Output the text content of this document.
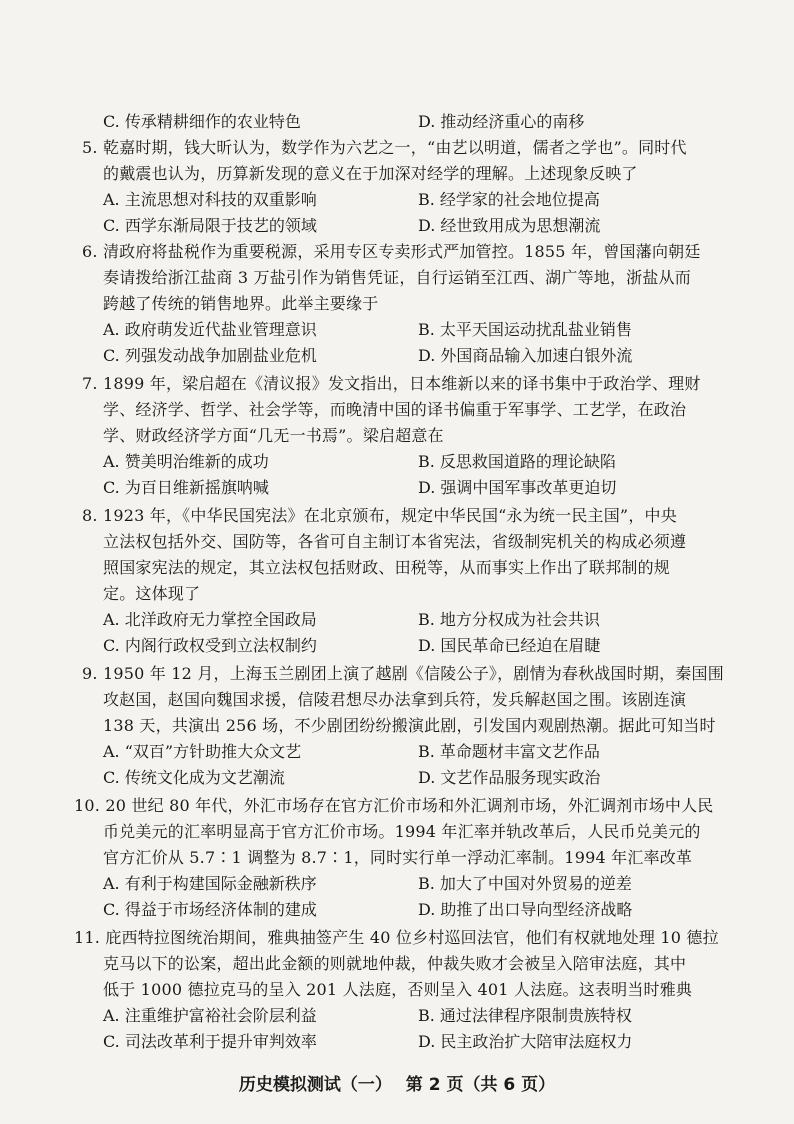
C. 传承精耕细作的农业特色	D. 推动经济重心的南移
5. 乾嘉时期，钱大昕认为，数学作为六艺之一，“由艺以明道，儒者之学也”。同时代
的戴震也认为，历算新发现的意义在于加深对经学的理解。上述现象反映了
A. 主流思想对科技的双重影响	B. 经学家的社会地位提高
C. 西学东渐局限于技艺的领域	D. 经世致用成为思想潮流
6. 清政府将盐税作为重要税源，采用专区专卖形式严加管控。1855 年，曾国藩向朝廷
奏请拨给浙江盐商 3 万盐引作为销售凭证，自行运销至江西、湖广等地，浙盐从而
跨越了传统的销售地界。此举主要缘于
A. 政府萌发近代盐业管理意识	B. 太平天国运动扰乱盐业销售
C. 列强发动战争加剧盐业危机	D. 外国商品输入加速白银外流
7. 1899 年，梁启超在《清议报》发文指出，日本维新以来的译书集中于政治学、理财
学、经济学、哲学、社会学等，而晚清中国的译书偏重于军事学、工艺学，在政治
学、财政经济学方面“几无一书焉”。梁启超意在
A. 赞美明治维新的成功	B. 反思救国道路的理论缺陷
C. 为百日维新摇旗呐喊	D. 强调中国军事改革更迫切
8. 1923 年，《中华民国宪法》在北京颁布，规定中华民国“永为统一民主国”，中央
立法权包括外交、国防等，各省可自主制订本省宪法，省级制宪机关的构成必须遵
照国家宪法的规定，其立法权包括财政、田税等，从而事实上作出了联邦制的规
定。这体现了
A. 北洋政府无力掌控全国政局	B. 地方分权成为社会共识
C. 内阁行政权受到立法权制约	D. 国民革命已经迫在眉睫
9. 1950 年 12 月，上海玉兰剧团上演了越剧《信陵公子》，剧情为春秋战国时期，秦国围
攻赵国，赵国向魏国求援，信陵君想尽办法拿到兵符，发兵解赵国之围。该剧连演
138 天，共演出 256 场，不少剧团纷纷搬演此剧，引发国内观剧热潮。据此可知当时
A. “双百”方针助推大众文艺	B. 革命题材丰富文艺作品
C. 传统文化成为文艺潮流	D. 文艺作品服务现实政治
10. 20 世纪 80 年代，外汇市场存在官方汇价市场和外汇调剂市场，外汇调剂市场中人民
币兑美元的汇率明显高于官方汇价市场。1994 年汇率并轨改革后，人民币兑美元的
官方汇价从 5.7∶1 调整为 8.7∶1，同时实行单一浮动汇率制。1994 年汇率改革
A. 有利于构建国际金融新秩序	B. 加大了中国对外贸易的逆差
C. 得益于市场经济体制的建成	D. 助推了出口导向型经济战略
11. 庇西特拉图统治期间，雅典抽签产生 40 位乡村巡回法官，他们有权就地处理 10 德拉
克马以下的讼案，超出此金额的则就地仲裁，仲裁失败才会被呈入陪审法庭，其中
低于 1000 德拉克马的呈入 201 人法庭，否则呈入 401 人法庭。这表明当时雅典
A. 注重维护富裕社会阶层利益	B. 通过法律程序限制贵族特权
C. 司法改革利于提升审判效率	D. 民主政治扩大陪审法庭权力
历史模拟测试（一） 第 2 页（共 6 页）
